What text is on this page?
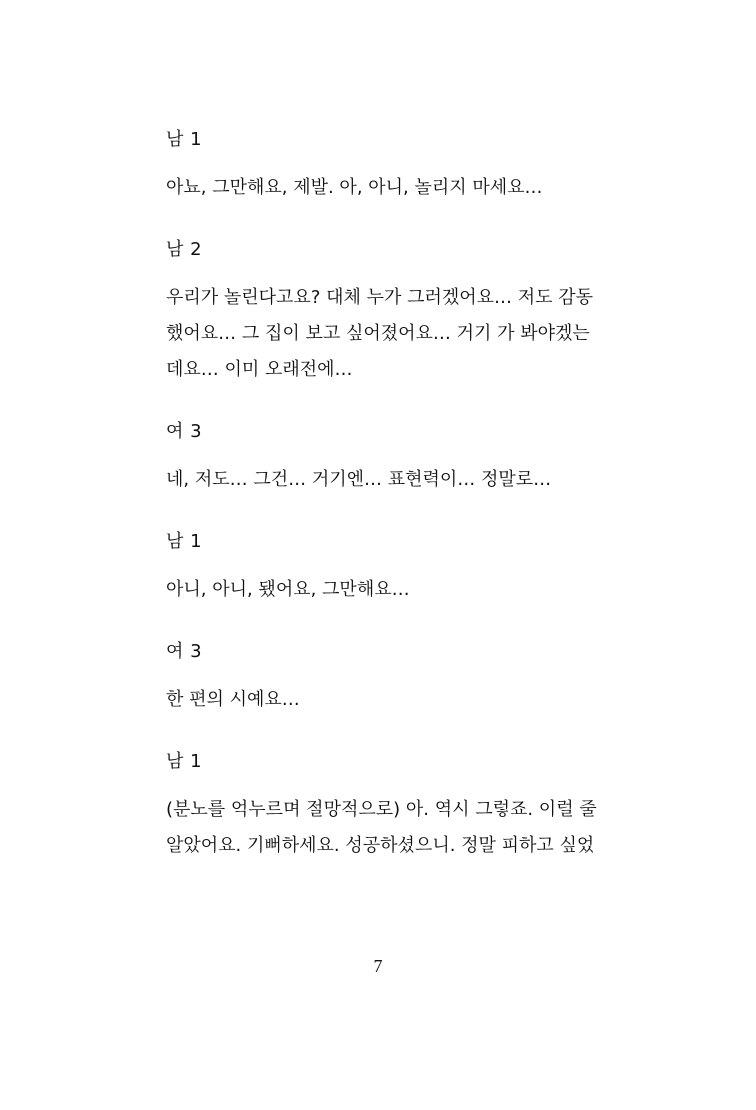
남 1

아뇨, 그만해요, 제발. 아, 아니, 놀리지 마세요…

남 2

우리가 놀린다고요? 대체 누가 그러겠어요… 저도 감동

했어요… 그 집이 보고 싶어졌어요… 거기 가 봐야겠는

데요… 이미 오래전에…

여 3

네, 저도… 그건… 거기엔… 표현력이… 정말로…

남 1

아니, 아니, 됐어요, 그만해요…

여 3

한 편의 시예요…

남 1

(분노를 억누르며 절망적으로) 아. 역시 그렇죠. 이럴 줄

알았어요. 기뻐하세요. 성공하셨으니. 정말 피하고 싶었

7
